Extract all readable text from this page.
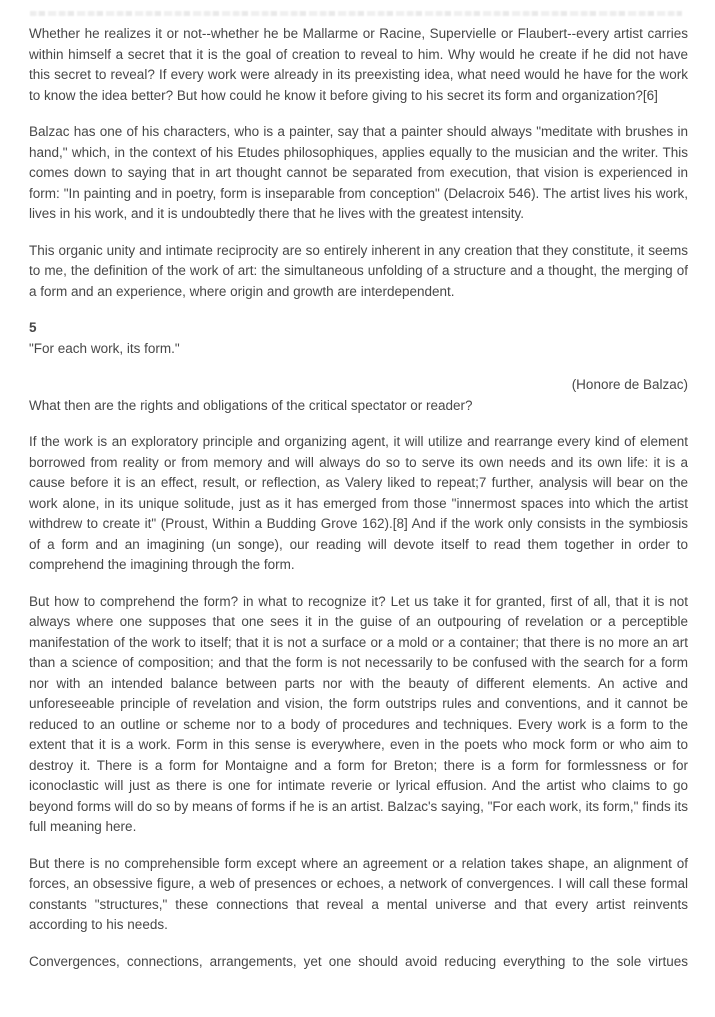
Whether he realizes it or not--whether he be Mallarme or Racine, Supervielle or Flaubert--every artist carries within himself a secret that it is the goal of creation to reveal to him. Why would he create if he did not have this secret to reveal? If every work were already in its preexisting idea, what need would he have for the work to know the idea better? But how could he know it before giving to his secret its form and organization?[6]

Balzac has one of his characters, who is a painter, say that a painter should always "meditate with brushes in hand," which, in the context of his Etudes philosophiques, applies equally to the musician and the writer. This comes down to saying that in art thought cannot be separated from execution, that vision is experienced in form: "In painting and in poetry, form is inseparable from conception" (Delacroix 546). The artist lives his work, lives in his work, and it is undoubtedly there that he lives with the greatest intensity.

This organic unity and intimate reciprocity are so entirely inherent in any creation that they constitute, it seems to me, the definition of the work of art: the simultaneous unfolding of a structure and a thought, the merging of a form and an experience, where origin and growth are interdependent.

5

"For each work, its form."

(Honore de Balzac)

What then are the rights and obligations of the critical spectator or reader?

If the work is an exploratory principle and organizing agent, it will utilize and rearrange every kind of element borrowed from reality or from memory and will always do so to serve its own needs and its own life: it is a cause before it is an effect, result, or reflection, as Valery liked to repeat;7 further, analysis will bear on the work alone, in its unique solitude, just as it has emerged from those "innermost spaces into which the artist withdrew to create it" (Proust, Within a Budding Grove 162).[8] And if the work only consists in the symbiosis of a form and an imagining (un songe), our reading will devote itself to read them together in order to comprehend the imagining through the form.

But how to comprehend the form? in what to recognize it? Let us take it for granted, first of all, that it is not always where one supposes that one sees it in the guise of an outpouring of revelation or a perceptible manifestation of the work to itself; that it is not a surface or a mold or a container; that there is no more an art than a science of composition; and that the form is not necessarily to be confused with the search for a form nor with an intended balance between parts nor with the beauty of different elements. An active and unforeseeable principle of revelation and vision, the form outstrips rules and conventions, and it cannot be reduced to an outline or scheme nor to a body of procedures and techniques. Every work is a form to the extent that it is a work. Form in this sense is everywhere, even in the poets who mock form or who aim to destroy it. There is a form for Montaigne and a form for Breton; there is a form for formlessness or for iconoclastic will just as there is one for intimate reverie or lyrical effusion. And the artist who claims to go beyond forms will do so by means of forms if he is an artist. Balzac's saying, "For each work, its form," finds its full meaning here.

But there is no comprehensible form except where an agreement or a relation takes shape, an alignment of forces, an obsessive figure, a web of presences or echoes, a network of convergences. I will call these formal constants "structures," these connections that reveal a mental universe and that every artist reinvents according to his needs.

Convergences, connections, arrangements, yet one should avoid reducing everything to the sole virtues
